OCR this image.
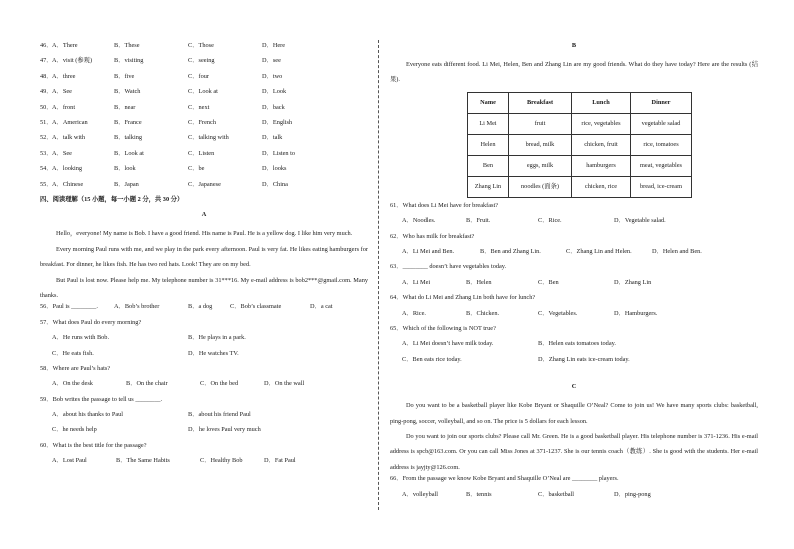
46． A．There	B．These	C．Those	D．Here
47． A．visit (参观)	B．visiting	C．seeing	D．see
48． A．three	B．five	C．four	D．two
49． A．See	B．Watch	C．Look at	D．Look
50． A．front	B．near	C．next	D．back
51． A．American	B．France	C．French	D．English
52． A．talk with	B．talking	C．talking with	D．talk
53． A．See	B．Look at	C．Listen	D．Listen to
54． A．looking	B．look	C．be	D．looks
55． A．Chinese	B．Japan	C．Japanese	D．China
四、阅读理解（15 小题，每一小题 2 分，共 30 分）
A

Hello，everyone! My name is Bob. I have a good friend. His name is Paul. He is a yellow dog. I like him very much.

Every morning Paul runs with me, and we play in the park every afternoon. Paul is very fat. He likes eating hamburgers for breakfast. For dinner, he likes fish. He has two red hats. Look! They are on my bed.

But Paul is lost now. Please help me. My telephone number is 31***16. My e-mail address is bob2***@gmail.com. Many thanks.

56．Paul is ________.	A．Bob’s brother	B．a dog	C．Bob’s classmate	D．a cat
57．What does Paul do every morning?
A．He runs with Bob.	B．He plays in a park.
C．He eats fish.	D．He watches TV.
58．Where are Paul’s hats?
A．On the desk	B．On the chair	C．On the bed	D．On the wall
59．Bob writes the passage to tell us ________.
A．about his thanks to Paul	B．about his friend Paul
C．he needs help	D．he loves Paul very much
60．What is the best title for the passage?
A．Lost Paul	B．The Same Habits	C．Healthy Bob	D．Fat Paul
B

Everyone eats different food. Li Mei, Helen, Ben and Zhang Lin are my good friends. What do they have today? Here are the results (结果).

Name	Breakfast	Lunch	Dinner
Li Mei	fruit	rice, vegetables	vegetable salad
Helen	bread, milk	chicken, fruit	rice, tomatoes
Ben	eggs, milk	hamburgers	meat, vegetables
Zhang Lin	noodles (面条)	chicken, rice	bread, ice-cream
61．What does Li Mei have for breakfast?
A．Noodles.	B．Fruit.	C．Rice.	D．Vegetable salad.
62．Who has milk for breakfast?
A．Li Mei and Ben.	B．Ben and Zhang Lin.	C．Zhang Lin and Helen.	D．Helen and Ben.
63．________ doesn’t have vegetables today.
A．Li Mei	B．Helen	C．Ben	D．Zhang Lin
64．What do Li Mei and Zhang Lin both have for lunch?
A．Rice.	B．Chicken.	C．Vegetables.	D．Hamburgers.
65．Which of the following is NOT true?
A．Li Mei doesn’t have milk today.	B．Helen eats tomatoes today.
C．Ben eats rice today.	D．Zhang Lin eats ice-cream today.
C

Do you want to be a basketball player like Kobe Bryant or Shaquille O’Neal? Come to join us! We have many sports clubs: basketball, ping-pong, soccer, volleyball, and so on. The price is 5 dollars for each lesson.

Do you want to join our sports clubs? Please call Mr. Green. He is a good basketball player. His telephone number is 371-1236. His e-mail address is spcb@163.com. Or you can call Miss Jones at 371-1237. She is our tennis coach（教练）. She is good with the students. Her e-mail address is jayjty@126.com.

66．From the passage we know Kobe Bryant and Shaquille O’Neal are ________ players.
A．volleyball	B．tennis	C．basketball	D．ping-pong
